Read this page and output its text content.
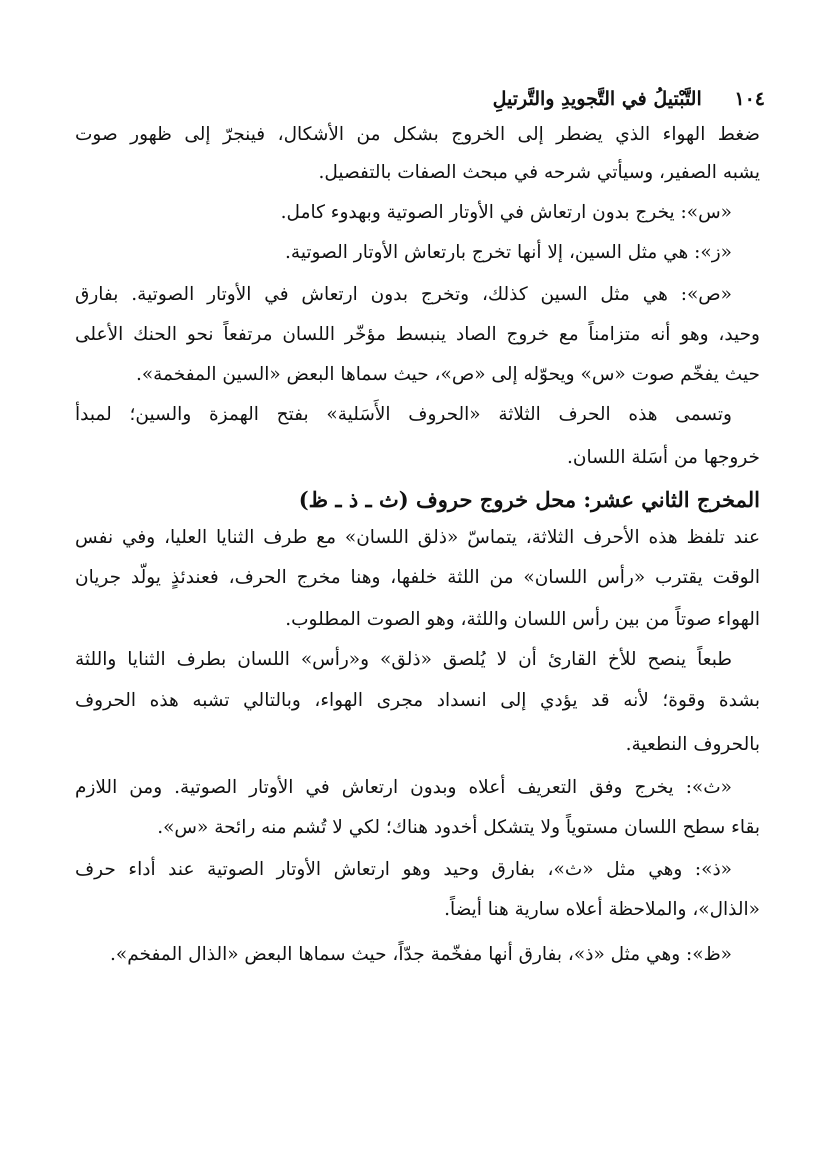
١٠٤ التَّبْتيلُ في التَّجويدِ والتَّرتيلِ
ضغط الهواء الذي يضطر إلى الخروج بشكل من الأشكال، فينجرّ إلى ظهور صوت
يشبه الصفير، وسيأتي شرحه في مبحث الصفات بالتفصيل.
«س»: يخرج بدون ارتعاش في الأوتار الصوتية وبهدوء كامل.
«ز»: هي مثل السين، إلا أنها تخرج بارتعاش الأوتار الصوتية.
«ص»: هي مثل السين كذلك، وتخرج بدون ارتعاش في الأوتار الصوتية. بفارق
وحيد، وهو أنه متزامناً مع خروج الصاد ينبسط مؤخّر اللسان مرتفعاً نحو الحنك الأعلى
حيث يفخّم صوت «س» ويحوّله إلى «ص»، حيث سماها البعض «السين المفخمة».
وتسمى هذه الحرف الثلاثة «الحروف الأَسَلية» بفتح الهمزة والسين؛ لمبدأ
خروجها من أسَلة اللسان.
المخرج الثاني عشر: محل خروج حروف (ث ـ ذ ـ ظ)
عند تلفظ هذه الأحرف الثلاثة، يتماسّ «ذلق اللسان» مع طرف الثنايا العليا، وفي نفس
الوقت يقترب «رأس اللسان» من اللثة خلفها، وهنا مخرج الحرف، فعندئذٍ يولّد جريان
الهواء صوتاً من بين رأس اللسان واللثة، وهو الصوت المطلوب.
طبعاً ينصح للأخ القارئ أن لا يُلصق «ذلق» و«رأس» اللسان بطرف الثنايا واللثة
بشدة وقوة؛ لأنه قد يؤدي إلى انسداد مجرى الهواء، وبالتالي تشبه هذه الحروف
بالحروف النطعية.
«ث»: يخرج وفق التعريف أعلاه وبدون ارتعاش في الأوتار الصوتية. ومن اللازم
بقاء سطح اللسان مستوياً ولا يتشكل أخدود هناك؛ لكي لا تُشم منه رائحة «س».
«ذ»: وهي مثل «ث»، بفارق وحيد وهو ارتعاش الأوتار الصوتية عند أداء حرف
«الذال»، والملاحظة أعلاه سارية هنا أيضاً.
«ظ»: وهي مثل «ذ»، بفارق أنها مفخّمة جدّاً، حيث سماها البعض «الذال المفخم».
